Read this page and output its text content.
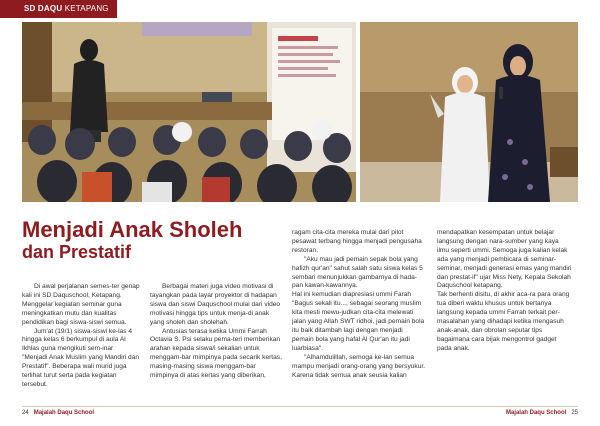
SD DAQU KETAPANG
Menjadi Anak Sholeh
dan Prestatif

Di awal perjalanan semes-ter genap kali ini SD Daquschool, Ketapang. Menggelar kegiatan seminar guna meningkatkan mutu dan kualitas pendidikan bagi siswa-siswi semua.

Jum'at (19/1) siswa-siswi ke-las 4 hingga kelas 6 berkumpul di aula Al Ikhlas guna mengikuti sem-inar "Menjadi Anak Muslim yang Mandiri dan Prestatif". Beberapa wali murid juga terlihat turut serta pada kegiatan tersebut.

Berbagai materi juga video motivasi di tayangkan pada layar proyektor di hadapan siswa dan siswi Daquschool mulai dari video motivasi hingga tips untuk menja-di anak yang sholeh dan sholehah.

Antusias terasa ketika Ummi Farrah Octavia S. Psi selaku pema-teri memberikan arahan kepada siswa/i sekalian untuk menggam-bar mimpinya pada secarik kertas, masing-masing siswa menggam-bar mimpinya di atas kertas yang diberikan,

ragam cita-cita mereka mulai dari pilot pesawat terbang hingga menjadi pengusaha restoran.

"Aku mau jadi pemain sepak bola yang hafizh qur'an" sahut salah satu siswa kelas 5 sembari menunjukkan gambarnya di hada-pan kawan-kawannya.

Hal ini kemudian diapresiasi ummi Farah "Bagus sekali itu..., sebagai seorang muslim kita mesti mewu-judkan cita-cita melewati jalan yang Allah SWT ridhoi, jadi pemain bola itu baik ditambah lagi dengan menjadi pemain bola yang hafal Al Qur'an itu jadi luarbiasa".

"Alhamdulillah, semoga ke-lan semua mampu menjadi orang-orang yang bersyukur. Karena tidak semua anak seusia kalian

mendapatkan kesempatan untuk belajar langsung dengan nara-sumber yang kaya ilmu seperti ummi. Semoga juga kalian kelak ada yang menjadi pembicara di seminar-seminar, menjadi generasi emas yang mandiri dan prestat-if" ujar Miss Nety, Kepala Sekolah Daquschool ketapang.

Tak berhenti disitu, di akhir aca-ra para orang tua diberi waktu khusus untuk bertanya langsung kepada ummi Farrah terkait per-masalahan yang dihadapi ketika mengasuh anak-anak, dan obrolan seputar tips bagaimana cara bijak mengontrol gadget pada anak.

24 Majalah Daqu School	Majalah Daqu School 25
